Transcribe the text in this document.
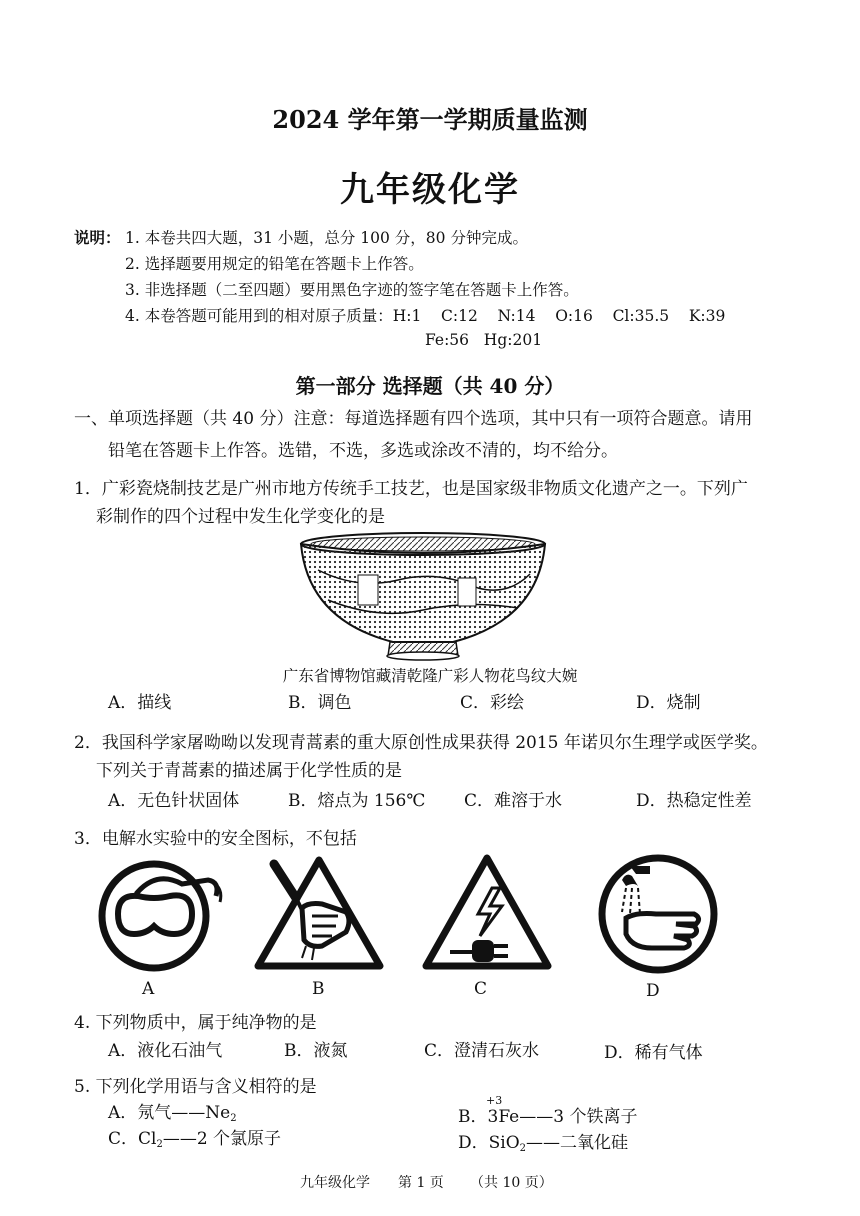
2024 学年第一学期质量监测
九年级化学
说明： 1. 本卷共四大题，31 小题，总分 100 分，80 分钟完成。
2. 选择题要用规定的铅笔在答题卡上作答。
3. 非选择题（二至四题）要用黑色字迹的签字笔在答题卡上作答。
4. 本卷答题可能用到的相对原子质量：H:1    C:12    N:14    O:16    Cl:35.5    K:39
Fe:56   Hg:201
第一部分 选择题（共 40 分）
一、单项选择题（共 40 分）注意：每道选择题有四个选项，其中只有一项符合题意。请用
铅笔在答题卡上作答。选错，不选，多选或涂改不清的，均不给分。
1．广彩瓷烧制技艺是广州市地方传统手工技艺，也是国家级非物质文化遗产之一。下列广
彩制作的四个过程中发生化学变化的是
广东省博物馆藏清乾隆广彩人物花鸟纹大婉
A．描线	B．调色	C．彩绘	D．烧制
2．我国科学家屠呦呦以发现青蒿素的重大原创性成果获得 2015 年诺贝尔生理学或医学奖。
下列关于青蒿素的描述属于化学性质的是
A．无色针状固体	B．熔点为 156℃ C．难溶于水	D．热稳定性差
3．电解水实验中的安全图标，不包括
A	B	C	D
4. 下列物质中，属于纯净物的是
A．液化石油气	B．液氮	C．澄清石灰水	D．稀有气体
5. 下列化学用语与含义相符的是
A．氖气$——Ne_2$
+3
B．3Fe——3 个铁离子
C．$Cl_2——2$ 个氯原子	D．SiO$_2$——二氧化硅
九年级化学 第 1 页 （共 10 页）
